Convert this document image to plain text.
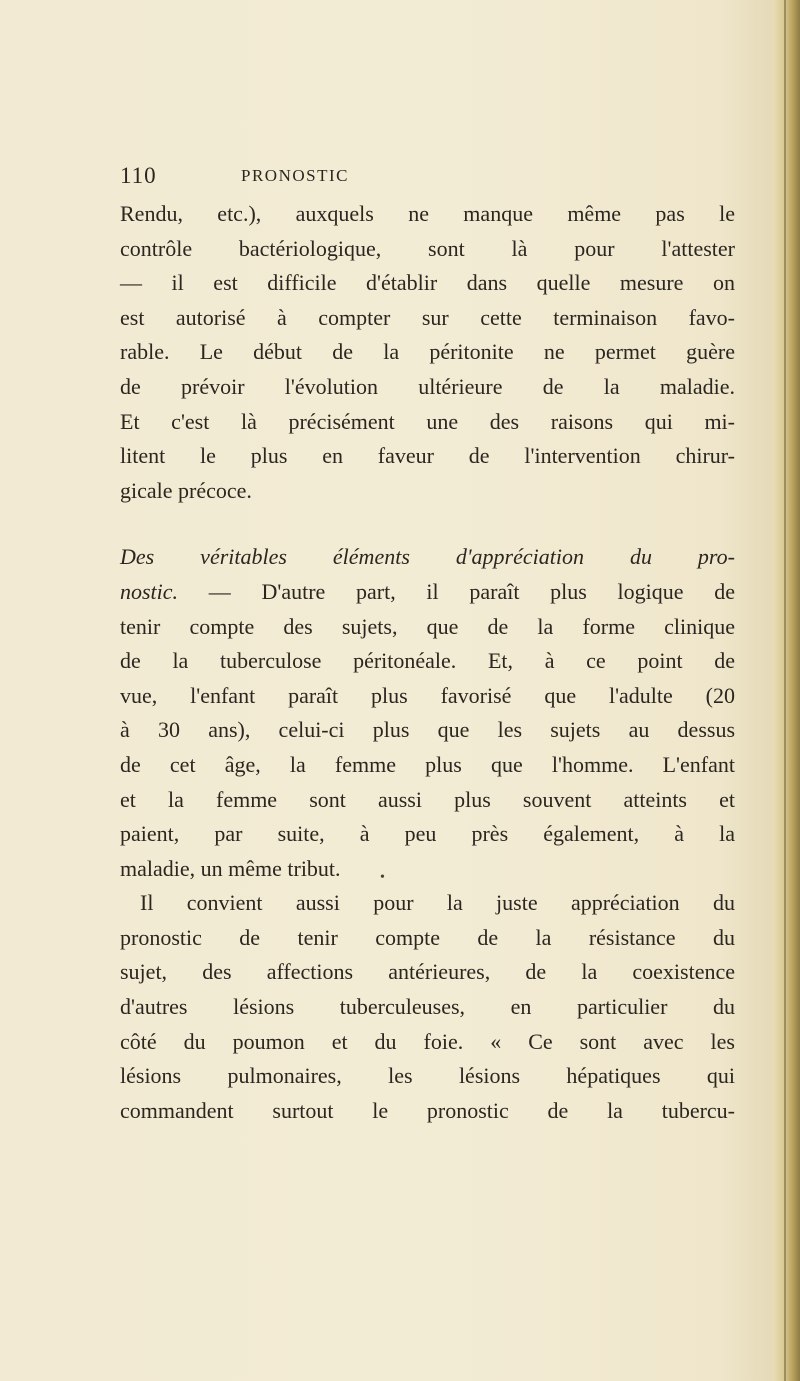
110	PRONOSTIC
Rendu, etc.), auxquels ne manque même pas le
contrôle bactériologique, sont là pour l'attester
— il est difficile d'établir dans quelle mesure on
est autorisé à compter sur cette terminaison favo-
rable. Le début de la péritonite ne permet guère
de prévoir l'évolution ultérieure de la maladie.
Et c'est là précisément une des raisons qui mi-
litent le plus en faveur de l'intervention chirur-
gicale précoce.
Des véritables éléments d'appréciation du pro-
nostic. — D'autre part, il paraît plus logique de
tenir compte des sujets, que de la forme clinique
de la tuberculose péritonéale. Et, à ce point de
vue, l'enfant paraît plus favorisé que l'adulte (20
à 30 ans), celui-ci plus que les sujets au dessus
de cet âge, la femme plus que l'homme. L'enfant
et la femme sont aussi plus souvent atteints et
paient, par suite, à peu près également, à la
maladie, un même tribut.
Il convient aussi pour la juste appréciation du
pronostic de tenir compte de la résistance du
sujet, des affections antérieures, de la coexistence
d'autres lésions tuberculeuses, en particulier du
côté du poumon et du foie. « Ce sont avec les
lésions pulmonaires, les lésions hépatiques qui
commandent surtout le pronostic de la tubercu-
•
